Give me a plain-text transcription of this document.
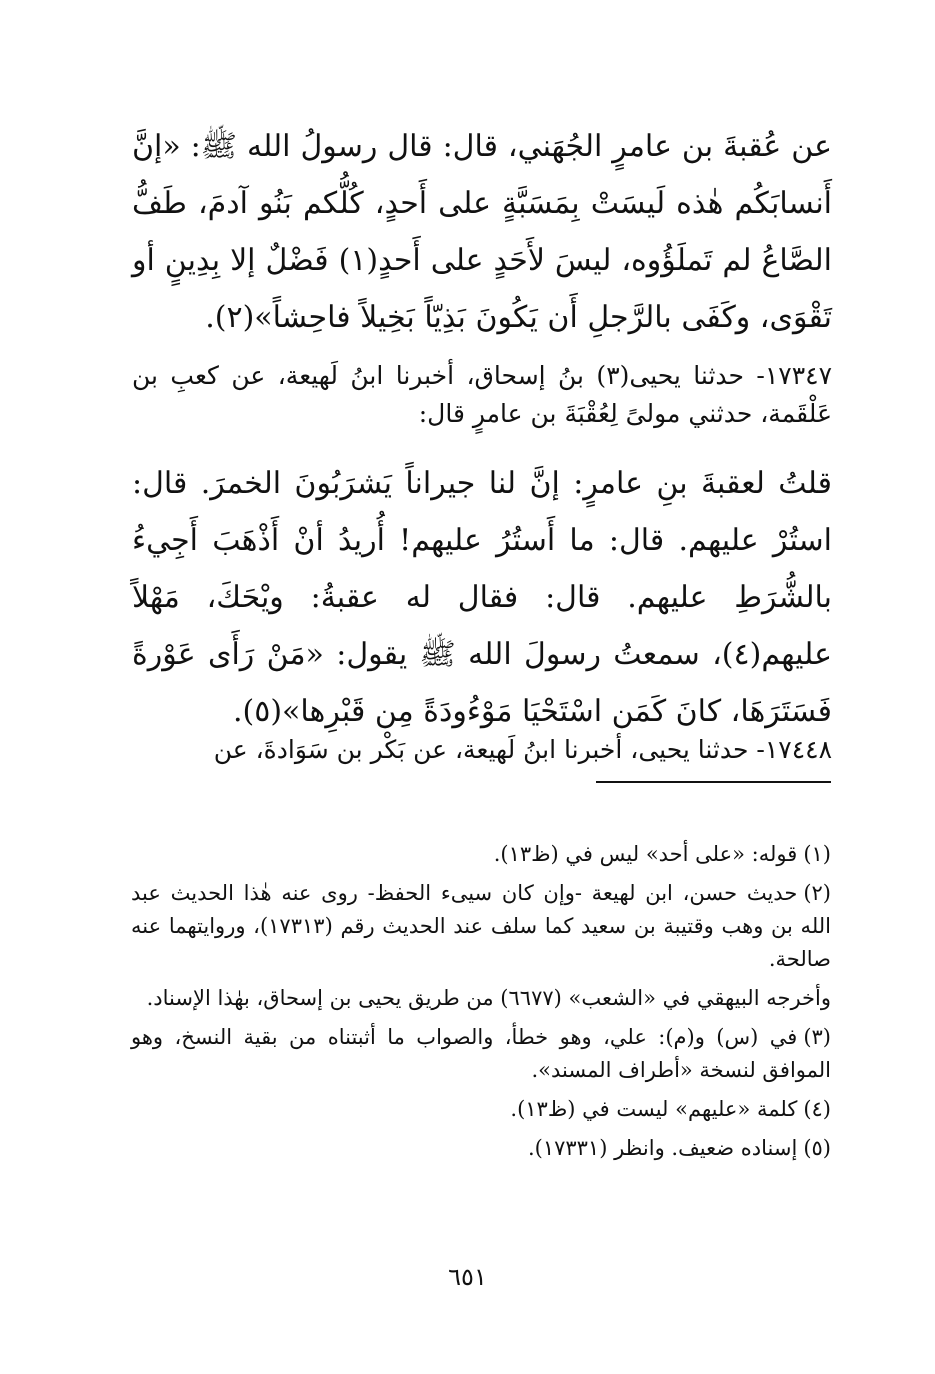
عن عُقبةَ بن عامرٍ الجُهَني، قال: قال رسولُ الله ﷺ: «إنَّ أَنسابَكُم هٰذه لَيسَتْ بِمَسَبَّةٍ على أَحدٍ، كُلُّكم بَنُو آدمَ، طَفُّ الصَّاعُ لم تَملَؤُوه، ليسَ لأَحَدٍ على أَحدٍ(١) فَضْلٌ إلا بِدِينٍ أو تَقْوَى، وكَفَى بالرَّجلِ أَن يَكُونَ بَذِيّاً بَخِيلاً فاحِشاً»(٢).

١٧٣٤٧- حدثنا يحيى(٣) بنُ إسحاق، أخبرنا ابنُ لَهيعة، عن كعبِ بن عَلْقَمة، حدثني مولىً لِعُقْبَةَ بن عامرٍ قال:

قلتُ لعقبةَ بنِ عامرٍ: إنَّ لنا جيراناً يَشرَبُونَ الخمرَ. قال: استُرْ عليهم. قال: ما أَستُرُ عليهم! أُريدُ أنْ أَذْهَبَ أَجِيءُ بالشُّرَطِ عليهم. قال: فقال له عقبةُ: ويْحَكَ، مَهْلاً عليهم(٤)، سمعتُ رسولَ الله ﷺ يقول: «مَنْ رَأَى عَوْرةً فَسَتَرَهَا، كانَ كَمَن اسْتَحْيَا مَوْءُودَةً مِن قَبْرِها»(٥).

١٧٤٤٨- حدثنا يحيى، أخبرنا ابنُ لَهيعة، عن بَكْر بن سَوَادةَ، عن

(١)قوله: «على أحد» ليس في (ظ١٣).

(٢)حديث حسن، ابن لهيعة -وإن كان سيىء الحفظ- روى عنه هٰذا الحديث عبد الله بن وهب وقتيبة بن سعيد كما سلف عند الحديث رقم (١٧٣١٣)، وروايتهما عنه صالحة.

وأخرجه البيهقي في «الشعب» (٦٦٧٧) من طريق يحيى بن إسحاق، بهٰذا الإسناد.

(٣)في (س) و(م): علي، وهو خطأ، والصواب ما أثبتناه من بقية النسخ، وهو الموافق لنسخة «أطراف المسند».

(٤)كلمة «عليهم» ليست في (ظ١٣).

(٥)إسناده ضعيف. وانظر (١٧٣٣١).

٦٥١
